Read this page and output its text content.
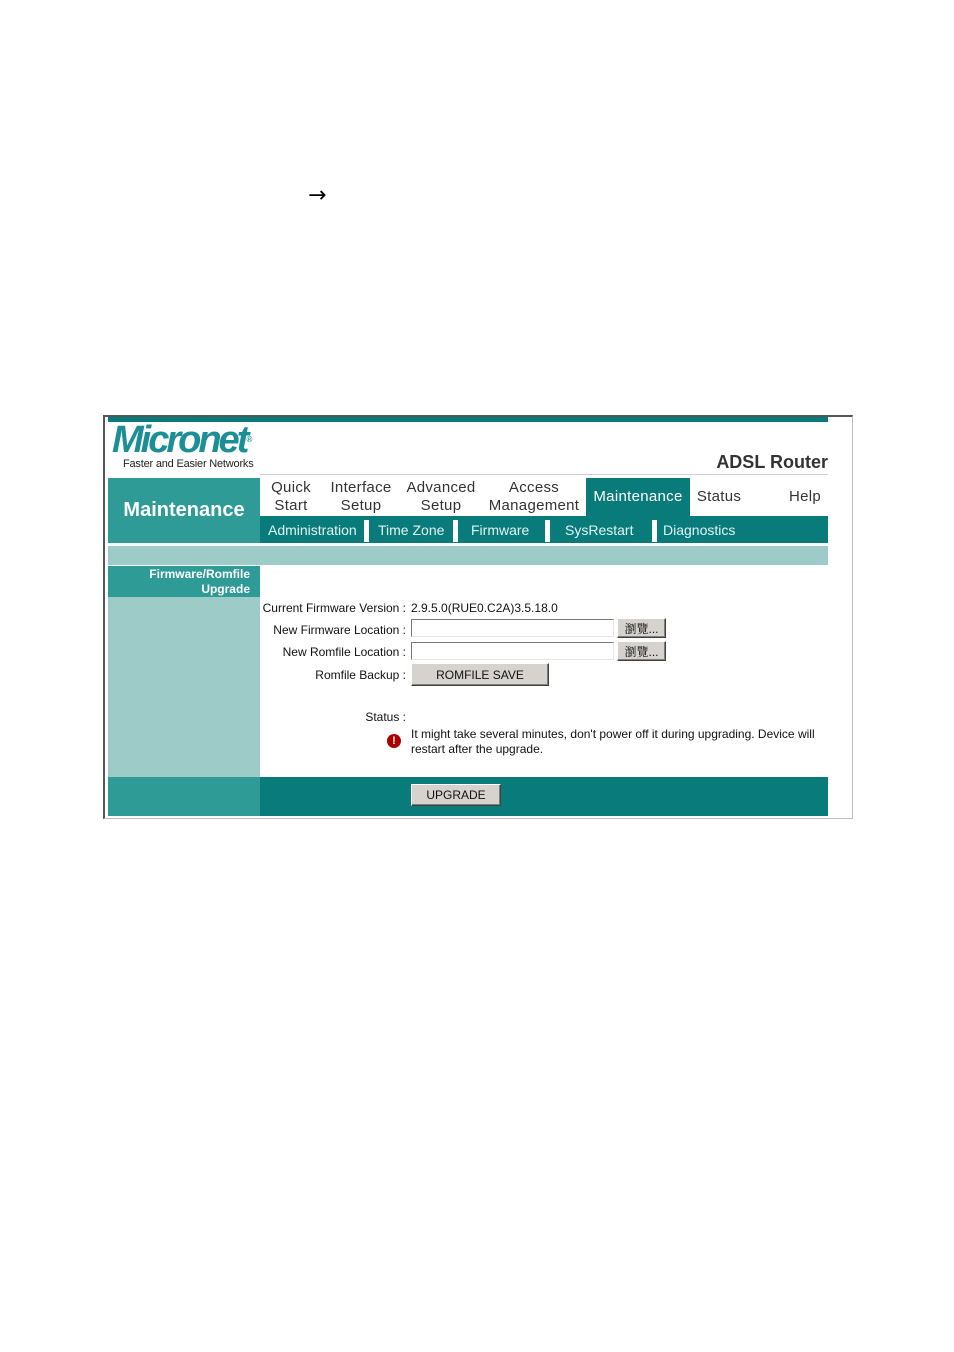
→
Micronet®
Faster and Easier Networks	ADSL Router
Maintenance
Quick
Start
Interface
Setup
Advanced
Setup
Access
Management
Maintenance Status	Help
Administration Time Zone Firmware	SysRestart Diagnostics
Firmware/Romfile
Upgrade
Current Firmware Version : 2.9.5.0(RUE0.C2A)3.5.18.0
New Firmware Location :	瀏覽...
New Romfile Location :	瀏覽...
Romfile Backup :	ROMFILE SAVE
Status :
!	It might take several minutes, don't power off it during upgrading. Device will restart after the upgrade.
UPGRADE
